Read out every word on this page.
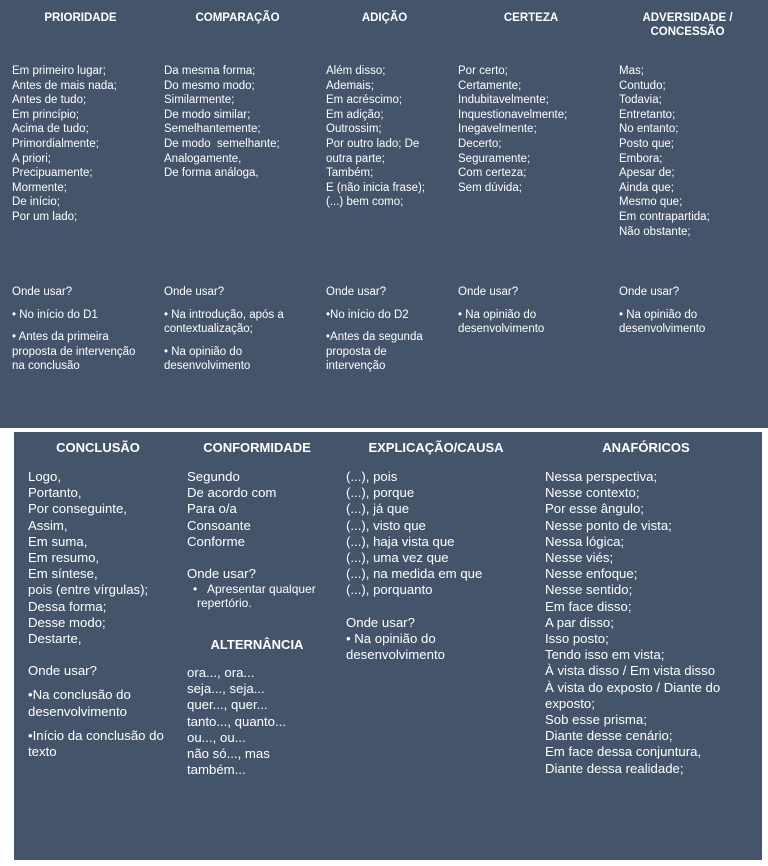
PRIORIDADE
Em primeiro lugar;
Antes de mais nada;
Antes de tudo;
Em princípio;
Acima de tudo;
Primordialmente;
A priori;
Precipuamente;
Mormente;
De início;
Por um lado;
Onde usar?
• No início do D1
• Antes da primeira proposta de intervenção na conclusão
COMPARAÇÃO
Da mesma forma;
Do mesmo modo;
Similarmente;
De modo similar;
Semelhantemente;
De modo  semelhante;
Analogamente,
De forma análoga,
Onde usar?
• Na introdução, após a contextualização;
• Na opinião do desenvolvimento
ADIÇÃO
Além disso;
Ademais;
Em acréscimo;
Em adição;
Outrossim;
Por outro lado; De outra parte;
Também;
E (não inicia frase);
(...) bem como;
Onde usar?
•No início do D2
•Antes da segunda proposta de intervenção
CERTEZA
Por certo;
Certamente;
Indubitavelmente;
Inquestionavelmente;
Inegavelmente;
Decerto;
Seguramente;
Com certeza;
Sem dúvida;
Onde usar?
• Na opinião do desenvolvimento
ADVERSIDADE / CONCESSÃO
Mas;
Contudo;
Todavia;
Entretanto;
No entanto;
Posto que;
Embora;
Apesar de;
Ainda que;
Mesmo que;
Em contrapartida;
Não obstante;
Onde usar?
• Na opinião do desenvolvimento
CONCLUSÃO
Logo,
Portanto,
Por conseguinte,
Assim,
Em suma,
Em resumo,
Em síntese,
pois (entre vírgulas);
Dessa forma;
Desse modo;
Destarte,
Onde usar?
•Na conclusão do desenvolvimento
•Início da conclusão do texto
CONFORMIDADE
Segundo
De acordo com
Para o/a
Consoante
Conforme
Onde usar?
• Apresentar qualquer repertório.
ALTERNÂNCIA
ora..., ora...
seja..., seja...
quer..., quer...
tanto..., quanto...
ou..., ou...
não só..., mas também...
EXPLICAÇÃO/CAUSA
(...), pois
(...), porque
(...), já que
(...), visto que
(...), haja vista que
(...), uma vez que
(...), na medida em que
(...), porquanto
Onde usar?
• Na opinião do desenvolvimento
ANAFÓRICOS
Nessa perspectiva;
Nesse contexto;
Por esse ângulo;
Nesse ponto de vista;
Nessa lógica;
Nesse viés;
Nesse enfoque;
Nesse sentido;
Em face disso;
A par disso;
Isso posto;
Tendo isso em vista;
À vista disso / Em vista disso
À vista do exposto / Diante do exposto;
Sob esse prisma;
Diante desse cenário;
Em face dessa conjuntura,
Diante dessa realidade;
